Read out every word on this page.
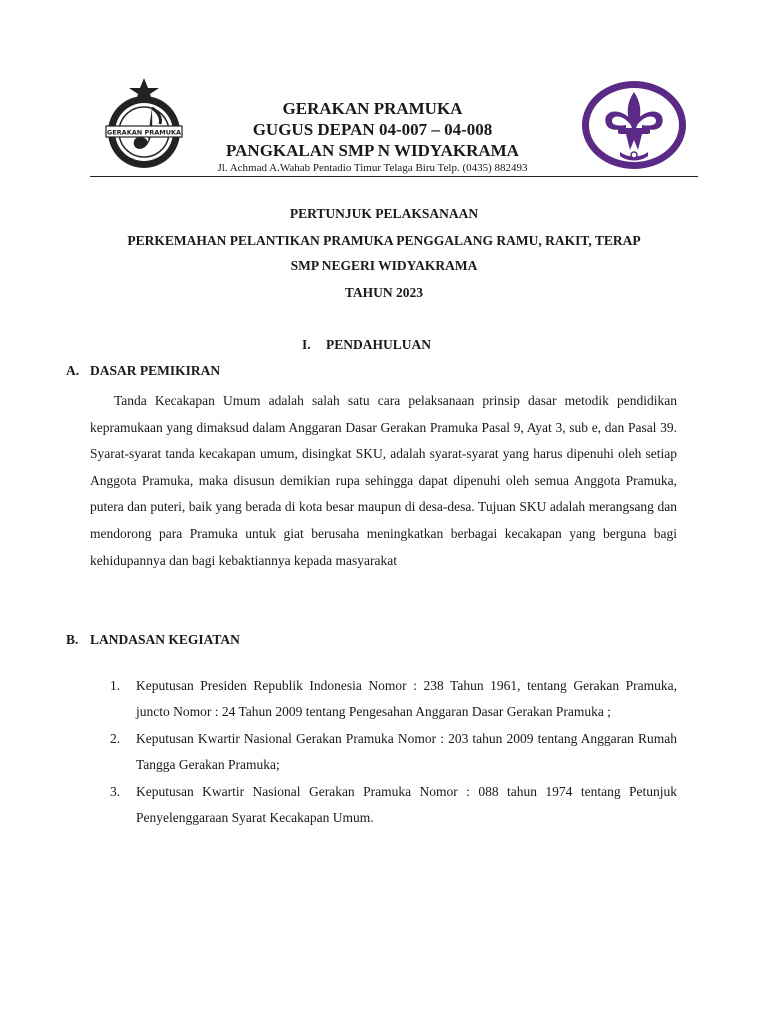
GERAKAN PRAMUKA
GERAKAN PRAMUKA
GUGUS DEPAN 04-007 – 04-008
PANGKALAN SMP N WIDYAKRAMA
Jl. Achmad A.Wahab Pentadio Timur Telaga Biru Telp. (0435) 882493
PERTUNJUK PELAKSANAAN
PERKEMAHAN PELANTIKAN PRAMUKA PENGGALANG RAMU, RAKIT, TERAP
SMP NEGERI WIDYAKRAMA
TAHUN 2023
I. PENDAHULUAN
A. DASAR PEMIKIRAN

Tanda Kecakapan Umum adalah salah satu cara pelaksanaan prinsip dasar metodik pendidikan kepramukaan yang dimaksud dalam Anggaran Dasar Gerakan Pramuka Pasal 9, Ayat 3, sub e, dan Pasal 39. Syarat-syarat tanda kecakapan umum, disingkat SKU, adalah syarat-syarat yang harus dipenuhi oleh setiap Anggota Pramuka, maka disusun demikian rupa sehingga dapat dipenuhi oleh semua Anggota Pramuka, putera dan puteri, baik yang berada di kota besar maupun di desa-desa. Tujuan SKU adalah merangsang dan mendorong para Pramuka untuk giat berusaha meningkatkan berbagai kecakapan yang berguna bagi kehidupannya dan bagi kebaktiannya kepada masyarakat

B. LANDASAN KEGIATAN
1. Keputusan Presiden Republik Indonesia Nomor : 238 Tahun 1961, tentang Gerakan Pramuka, juncto Nomor : 24 Tahun 2009 tentang Pengesahan Anggaran Dasar Gerakan Pramuka ;
2. Keputusan Kwartir Nasional Gerakan Pramuka Nomor : 203 tahun 2009 tentang Anggaran Rumah Tangga Gerakan Pramuka;
3. Keputusan Kwartir Nasional Gerakan Pramuka Nomor : 088 tahun 1974 tentang Petunjuk Penyelenggaraan Syarat Kecakapan Umum.
